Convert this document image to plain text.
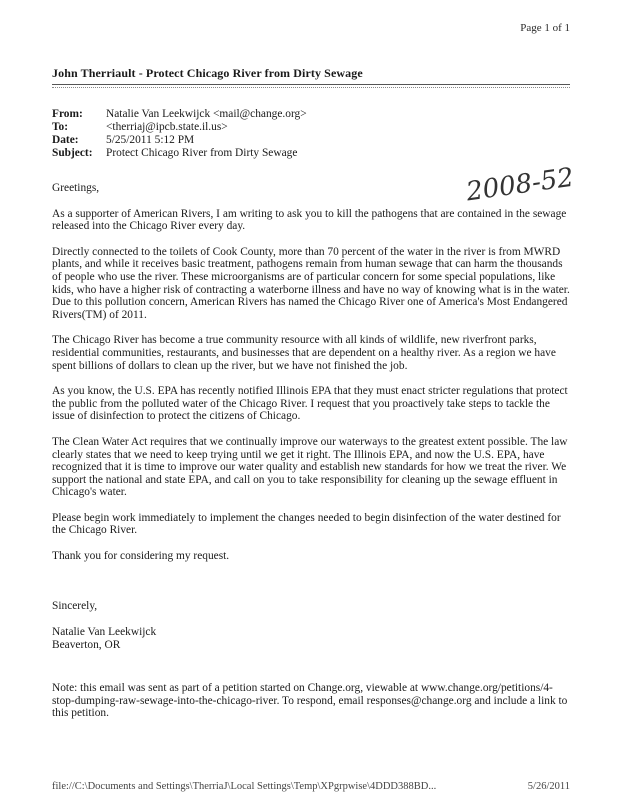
Page 1 of 1
John Therriault - Protect Chicago River from Dirty Sewage
From:	Natalie Van Leekwijck <mail@change.org>
To:	<therriaj@ipcb.state.il.us>
Date:	5/25/2011 5:12 PM
Subject:	Protect Chicago River from Dirty Sewage
2008-52

Greetings,

As a supporter of American Rivers, I am writing to ask you to kill the pathogens that are contained in the sewage released into the Chicago River every day.

Directly connected to the toilets of Cook County, more than 70 percent of the water in the river is from MWRD plants, and while it receives basic treatment, pathogens remain from human sewage that can harm the thousands of people who use the river. These microorganisms are of particular concern for some special populations, like kids, who have a higher risk of contracting a waterborne illness and have no way of knowing what is in the water. Due to this pollution concern, American Rivers has named the Chicago River one of America's Most Endangered Rivers(TM) of 2011.

The Chicago River has become a true community resource with all kinds of wildlife, new riverfront parks, residential communities, restaurants, and businesses that are dependent on a healthy river. As a region we have spent billions of dollars to clean up the river, but we have not finished the job.

As you know, the U.S. EPA has recently notified Illinois EPA that they must enact stricter regulations that protect the public from the polluted water of the Chicago River. I request that you proactively take steps to tackle the issue of disinfection to protect the citizens of Chicago.

The Clean Water Act requires that we continually improve our waterways to the greatest extent possible. The law clearly states that we need to keep trying until we get it right. The Illinois EPA, and now the U.S. EPA, have recognized that it is time to improve our water quality and establish new standards for how we treat the river. We support the national and state EPA, and call on you to take responsibility for cleaning up the sewage effluent in Chicago's water.

Please begin work immediately to implement the changes needed to begin disinfection of the water destined for the Chicago River.

Thank you for considering my request.

Sincerely,

Natalie Van Leekwijck
Beaverton, OR
Note: this email was sent as part of a petition started on Change.org, viewable at www.change.org/petitions/4-stop-dumping-raw-sewage-into-the-chicago-river. To respond, email responses@change.org and include a link to this petition.
file://C:\Documents and Settings\TherriaJ\Local Settings\Temp\XPgrpwise\4DDD388BD...	5/26/2011
